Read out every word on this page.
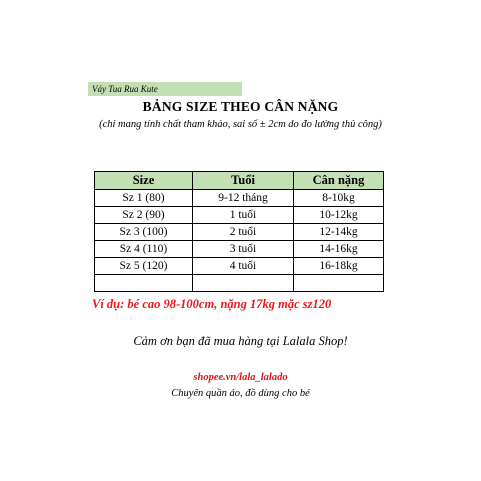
Váy Tua Rua Kute
BẢNG SIZE THEO CÂN NẶNG
(chỉ mang tính chất tham khảo, sai số ± 2cm do đo lường thủ công)
Size	Tuổi	Cân nặng
Sz 1 (80)	9-12 tháng	8-10kg
Sz 2 (90)	1 tuổi	10-12kg
Sz 3 (100)	2 tuổi	12-14kg
Sz 4 (110)	3 tuổi	14-16kg
Sz 5 (120)	4 tuổi	16-18kg

Ví dụ: bé cao 98-100cm, nặng 17kg mặc sz120
Cảm ơn bạn đã mua hàng tại Lalala Shop!
shopee.vn/lala_lalado
Chuyên quần áo, đồ dùng cho bé
